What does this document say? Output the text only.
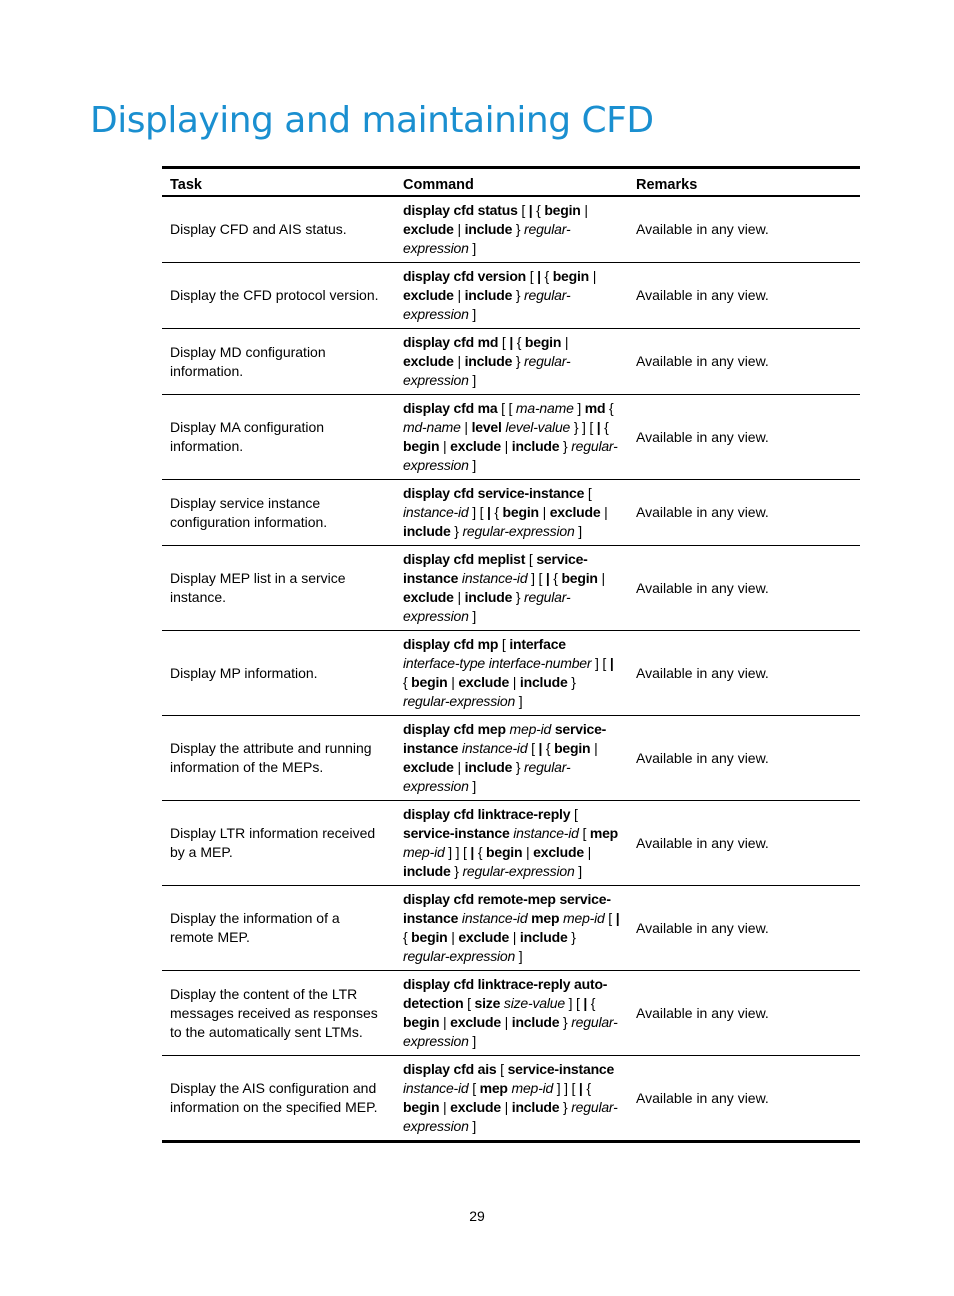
Displaying and maintaining CFD
Task	Command	Remarks
Display CFD and AIS status.	display cfd status [ | { begin | exclude | include } regular-expression ]	Available in any view.
Display the CFD protocol version.	display cfd version [ | { begin | exclude | include } regular-expression ]	Available in any view.
Display MD configuration information.	display cfd md [ | { begin | exclude | include } regular-expression ]	Available in any view.
Display MA configuration information.	display cfd ma [ [ ma-name ] md { md-name | level level-value } ] [ | { begin | exclude | include } regular-expression ]	Available in any view.
Display service instance configuration information.	display cfd service-instance [ instance-id ] [ | { begin | exclude | include } regular-expression ]	Available in any view.
Display MEP list in a service instance.	display cfd meplist [ service-instance instance-id ] [ | { begin | exclude | include } regular-expression ]	Available in any view.
Display MP information.	display cfd mp [ interface interface-type interface-number ] [ | { begin | exclude | include } regular-expression ]	Available in any view.
Display the attribute and running information of the MEPs.	display cfd mep mep-id service-instance instance-id [ | { begin | exclude | include } regular-expression ]	Available in any view.
Display LTR information received by a MEP.	display cfd linktrace-reply [ service-instance instance-id [ mep mep-id ] ] [ | { begin | exclude | include } regular-expression ]	Available in any view.
Display the information of a remote MEP.	display cfd remote-mep service-instance instance-id mep mep-id [ | { begin | exclude | include } regular-expression ]	Available in any view.
Display the content of the LTR messages received as responses to the automatically sent LTMs.	display cfd linktrace-reply auto-detection [ size size-value ] [ | { begin | exclude | include } regular-expression ]	Available in any view.
Display the AIS configuration and information on the specified MEP.	display cfd ais [ service-instance instance-id [ mep mep-id ] ] [ | { begin | exclude | include } regular-expression ]	Available in any view.
29
